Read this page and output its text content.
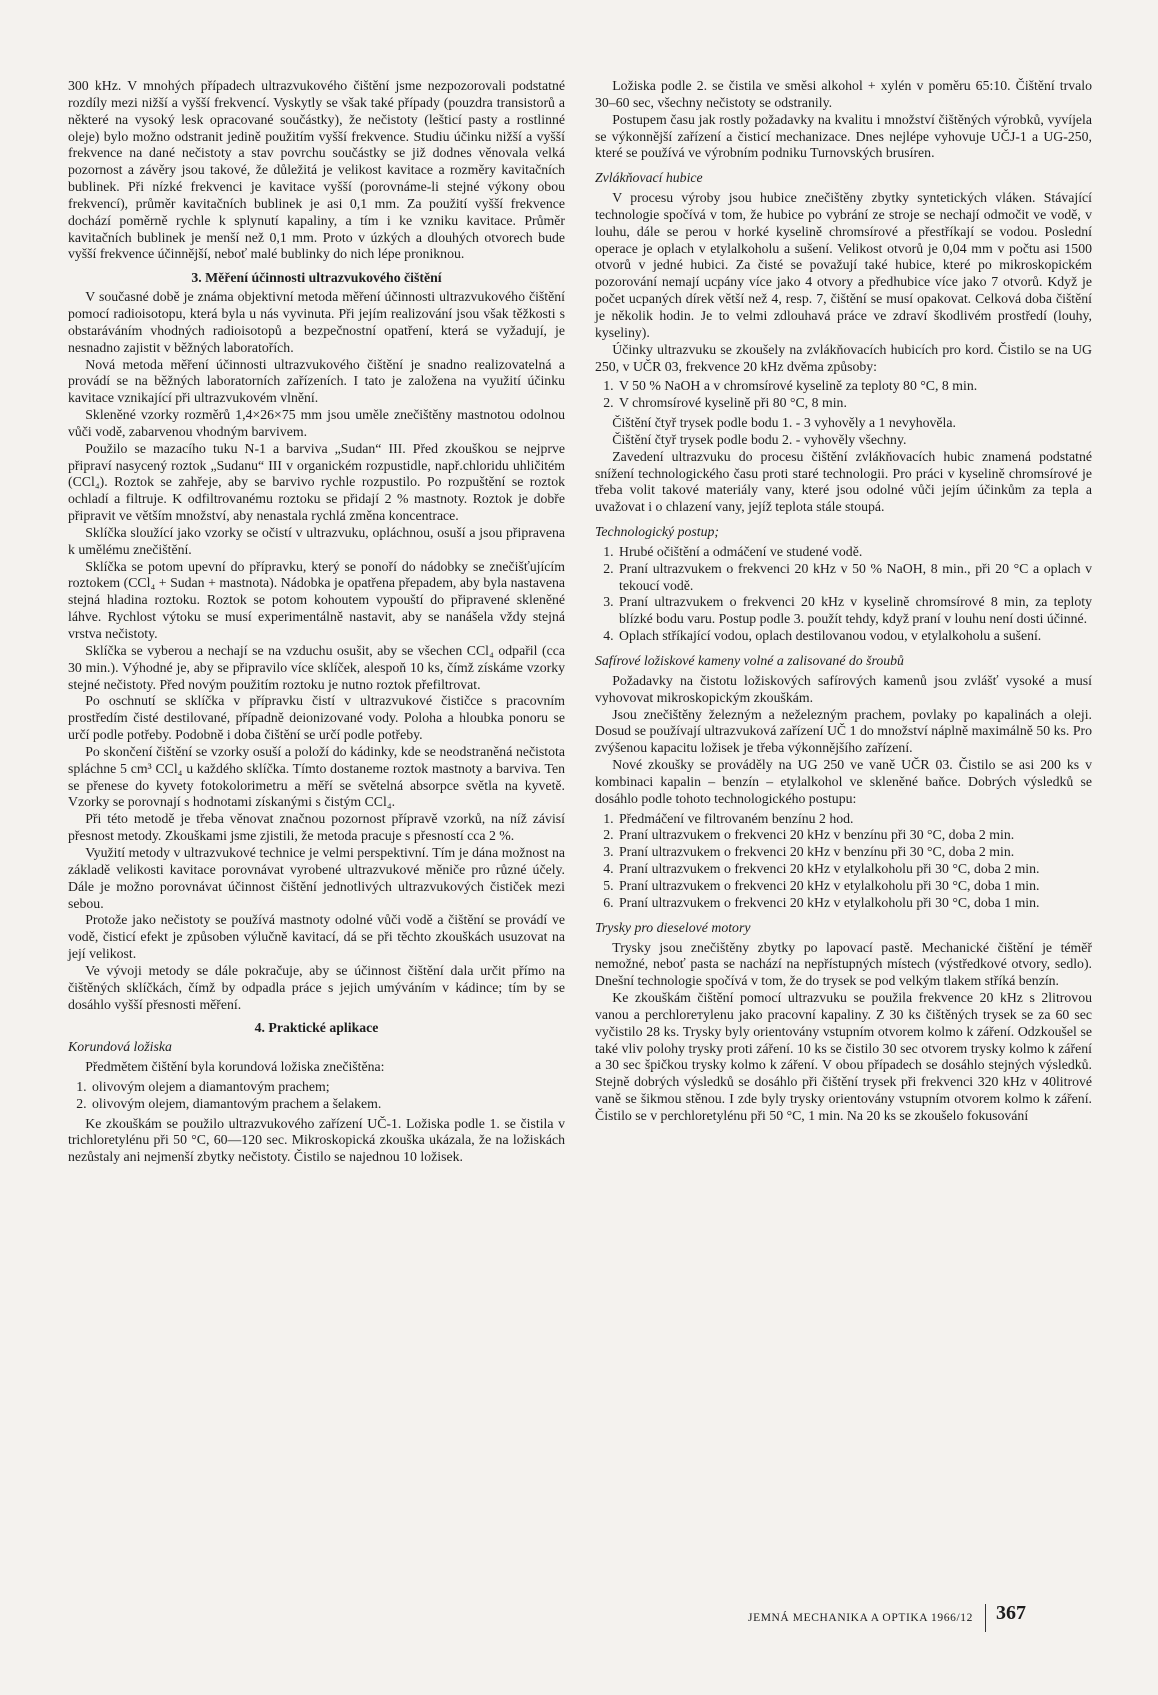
300 kHz. V mnohých případech ultrazvukového čištění jsme nezpozorovali podstatné rozdíly mezi nižší a vyšší frekvencí. Vyskytly se však také případy (pouzdra transistorů a některé na vysoký lesk opracované součástky), že nečistoty (lešticí pasty a rostlinné oleje) bylo možno odstranit jedině použitím vyšší frekvence. Studiu účinku nižší a vyšší frekvence na dané nečistoty a stav povrchu součástky se již dodnes věnovala velká pozornost a závěry jsou takové, že důležitá je velikost kavitace a rozměry kavitačních bublinek. Při nízké frekvenci je kavitace vyšší (porovnáme-li stejné výkony obou frekvencí), průměr kavitačních bublinek je asi 0,1 mm. Za použití vyšší frekvence dochází poměrně rychle k splynutí kapaliny, a tím i ke vzniku kavitace. Průměr kavitačních bublinek je menší než 0,1 mm. Proto v úzkých a dlouhých otvorech bude vyšší frekvence účinnější, neboť malé bublinky do nich lépe proniknou.

3. Měření účinnosti ultrazvukového čištění

V současné době je známa objektivní metoda měření účinnosti ultrazvukového čištění pomocí radioisotopu, která byla u nás vyvinuta. Při jejím realizování jsou však těžkosti s obstaráváním vhodných radioisotopů a bezpečnostní opatření, která se vyžadují, je nesnadno zajistit v běžných laboratořích.

Nová metoda měření účinnosti ultrazvukového čištění je snadno realizovatelná a provádí se na běžných laboratorních zařízeních. I tato je založena na využití účinku kavitace vznikající při ultrazvukovém vlnění.

Skleněné vzorky rozměrů 1,4×26×75 mm jsou uměle znečištěny mastnotou odolnou vůči vodě, zabarvenou vhodným barvivem.

Použilo se mazacího tuku N-1 a barviva „Sudan“ III. Před zkouškou se nejprve připraví nasycený roztok „Sudanu“ III v organickém rozpustidle, např.chloridu uhličitém (CCl₄). Roztok se zahřeje, aby se barvivo rychle rozpustilo. Po rozpuštění se roztok ochladí a filtruje. K odfiltrovanému roztoku se přidají 2 % mastnoty. Roztok je dobře připravit ve větším množství, aby nenastala rychlá změna koncentrace.

Sklíčka sloužící jako vzorky se očistí v ultrazvuku, opláchnou, osuší a jsou připravena k umělému znečištění.

Sklíčka se potom upevní do přípravku, který se ponoří do nádobky se znečišťujícím roztokem (CCl₄ + Sudan + mastnota). Nádobka je opatřena přepadem, aby byla nastavena stejná hladina roztoku. Roztok se potom kohoutem vypouští do připravené skleněné láhve. Rychlost výtoku se musí experimentálně nastavit, aby se nanášela vždy stejná vrstva nečistoty.

Sklíčka se vyberou a nechají se na vzduchu osušit, aby se všechen CCl₄ odpařil (cca 30 min.). Výhodné je, aby se připravilo více sklíček, alespoň 10 ks, čímž získáme vzorky stejné nečistoty. Před novým použitím roztoku je nutno roztok přefiltrovat.

Po oschnutí se sklíčka v přípravku čistí v ultrazvukové čističce s pracovním prostředím čisté destilované, případně deionizované vody. Poloha a hloubka ponoru se určí podle potřeby. Podobně i doba čištění se určí podle potřeby.

Po skončení čištění se vzorky osuší a položí do kádinky, kde se neodstraněná nečistota spláchne 5 cm³ CCl₄ u každého sklíčka. Tímto dostaneme roztok mastnoty a barviva. Ten se přenese do kyvety fotokolorimetru a měří se světelná absorpce světla na kyvetě. Vzorky se porovnají s hodnotami získanými s čistým CCl₄.

Při této metodě je třeba věnovat značnou pozornost přípravě vzorků, na níž závisí přesnost metody. Zkouškami jsme zjistili, že metoda pracuje s přesností cca 2 %.

Využití metody v ultrazvukové technice je velmi perspektivní. Tím je dána možnost na základě velikosti kavitace porovnávat vyrobené ultrazvukové měniče pro různé účely. Dále je možno porovnávat účinnost čištění jednotlivých ultrazvukových čističek mezi sebou.

Protože jako nečistoty se používá mastnoty odolné vůči vodě a čištění se provádí ve vodě, čisticí efekt je způsoben výlučně kavitací, dá se při těchto zkouškách usuzovat na její velikost.

Ve vývoji metody se dále pokračuje, aby se účinnost čištění dala určit přímo na čištěných sklíčkách, čímž by odpadla práce s jejich umýváním v kádince; tím by se dosáhlo vyšší přesnosti měření.

4. Praktické aplikace
Korundová ložiska

Předmětem čištění byla korundová ložiska znečištěna:

1. olivovým olejem a diamantovým prachem;
2. olivovým olejem, diamantovým prachem a šelakem.

Ke zkouškám se použilo ultrazvukového zařízení UČ-1. Ložiska podle 1. se čistila v trichloretylénu při 50 °C, 60—120 sec. Mikroskopická zkouška ukázala, že na ložiskách nezůstaly ani nejmenší zbytky nečistoty. Čistilo se najednou 10 ložisek.

Ložiska podle 2. se čistila ve směsi alkohol + xylén v poměru 65:10. Čištění trvalo 30–60 sec, všechny nečistoty se odstranily.

Postupem času jak rostly požadavky na kvalitu i množství čištěných výrobků, vyvíjela se výkonnější zařízení a čisticí mechanizace. Dnes nejlépe vyhovuje UČJ-1 a UG-250, které se používá ve výrobním podniku Turnovských brusíren.

Zvlákňovací hubice

V procesu výroby jsou hubice znečištěny zbytky syntetických vláken. Stávající technologie spočívá v tom, že hubice po vybrání ze stroje se nechají odmočit ve vodě, v louhu, dále se perou v horké kyselině chromsírové a přestříkají se vodou. Poslední operace je oplach v etylalkoholu a sušení. Velikost otvorů je 0,04 mm v počtu asi 1500 otvorů v jedné hubici. Za čisté se považují také hubice, které po mikroskopickém pozorování nemají ucpány více jako 4 otvory a předhubice více jako 7 otvorů. Když je počet ucpaných dírek větší než 4, resp. 7, čištění se musí opakovat. Celková doba čištění je několik hodin. Je to velmi zdlouhavá práce ve zdraví škodlivém prostředí (louhy, kyseliny).

Účinky ultrazvuku se zkoušely na zvlákňovacích hubicích pro kord. Čistilo se na UG 250, v UČR 03, frekvence 20 kHz dvěma způsoby:

1. V 50 % NaOH a v chromsírové kyselině za teploty 80 °C, 8 min.
2. V chromsírové kyselině při 80 °C, 8 min.

Čištění čtyř trysek podle bodu 1. - 3 vyhověly a 1 nevyhověla.

Čištění čtyř trysek podle bodu 2. - vyhověly všechny.

Zavedení ultrazvuku do procesu čištění zvlákňovacích hubic znamená podstatné snížení technologického času proti staré technologii. Pro práci v kyselině chromsírové je třeba volit takové materiály vany, které jsou odolné vůči jejím účinkům za tepla a uvažovat i o chlazení vany, jejíž teplota stále stoupá.

Technologický postup;
1. Hrubé očištění a odmáčení ve studené vodě.
2. Praní ultrazvukem o frekvenci 20 kHz v 50 % NaOH, 8 min., při 20 °C a oplach v tekoucí vodě.
3. Praní ultrazvukem o frekvenci 20 kHz v kyselině chromsírové 8 min, za teploty blízké bodu varu. Postup podle 3. použít tehdy, když praní v louhu není dosti účinné.
4. Oplach stříkající vodou, oplach destilovanou vodou, v etylalkoholu a sušení.
Safírové ložiskové kameny volné a zalisované do šroubů

Požadavky na čistotu ložiskových safírových kamenů jsou zvlášť vysoké a musí vyhovovat mikroskopickým zkouškám.

Jsou znečištěny železným a neželezným prachem, povlaky po kapalinách a oleji. Dosud se používají ultrazvuková zařízení UČ 1 do množství náplně maximálně 50 ks. Pro zvýšenou kapacitu ložisek je třeba výkonnějšího zařízení.

Nové zkoušky se prováděly na UG 250 ve vaně UČR 03. Čistilo se asi 200 ks v kombinaci kapalin – benzín – etylalkohol ve skleněné baňce. Dobrých výsledků se dosáhlo podle tohoto technologického postupu:

1. Předmáčení ve filtrovaném benzínu 2 hod.
2. Praní ultrazvukem o frekvenci 20 kHz v benzínu při 30 °C, doba 2 min.
3. Praní ultrazvukem o frekvenci 20 kHz v benzínu při 30 °C, doba 2 min.
4. Praní ultrazvukem o frekvenci 20 kHz v etylalkoholu při 30 °C, doba 2 min.
5. Praní ultrazvukem o frekvenci 20 kHz v etylalkoholu při 30 °C, doba 1 min.
6. Praní ultrazvukem o frekvenci 20 kHz v etylalkoholu při 30 °C, doba 1 min.
Trysky pro dieselové motory

Trysky jsou znečištěny zbytky po lapovací pastě. Mechanické čištění je téměř nemožné, neboť pasta se nachází na nepřístupných místech (výstředkové otvory, sedlo). Dnešní technologie spočívá v tom, že do trysek se pod velkým tlakem stříká benzín.

Ke zkouškám čištění pomocí ultrazvuku se použila frekvence 20 kHz s 2litrovou vanou a perchlorетylenu jako pracovní kapaliny. Z 30 ks čištěných trysek se za 60 sec vyčistilo 28 ks. Trysky byly orientovány vstupním otvorem kolmo k záření. Odzkoušel se také vliv polohy trysky proti záření. 10 ks se čistilo 30 sec otvorem trysky kolmo k záření a 30 sec špičkou trysky kolmo k záření. V obou případech se dosáhlo stejných výsledků. Stejně dobrých výsledků se dosáhlo při čištění trysek při frekvenci 320 kHz v 40litrové vaně se šikmou stěnou. I zde byly trysky orientovány vstupním otvorem kolmo k záření. Čistilo se v perchloretylénu při 50 °C, 1 min. Na 20 ks se zkoušelo fokusování

JEMNÁ MECHANIKA A OPTIKA 1966/12 367
